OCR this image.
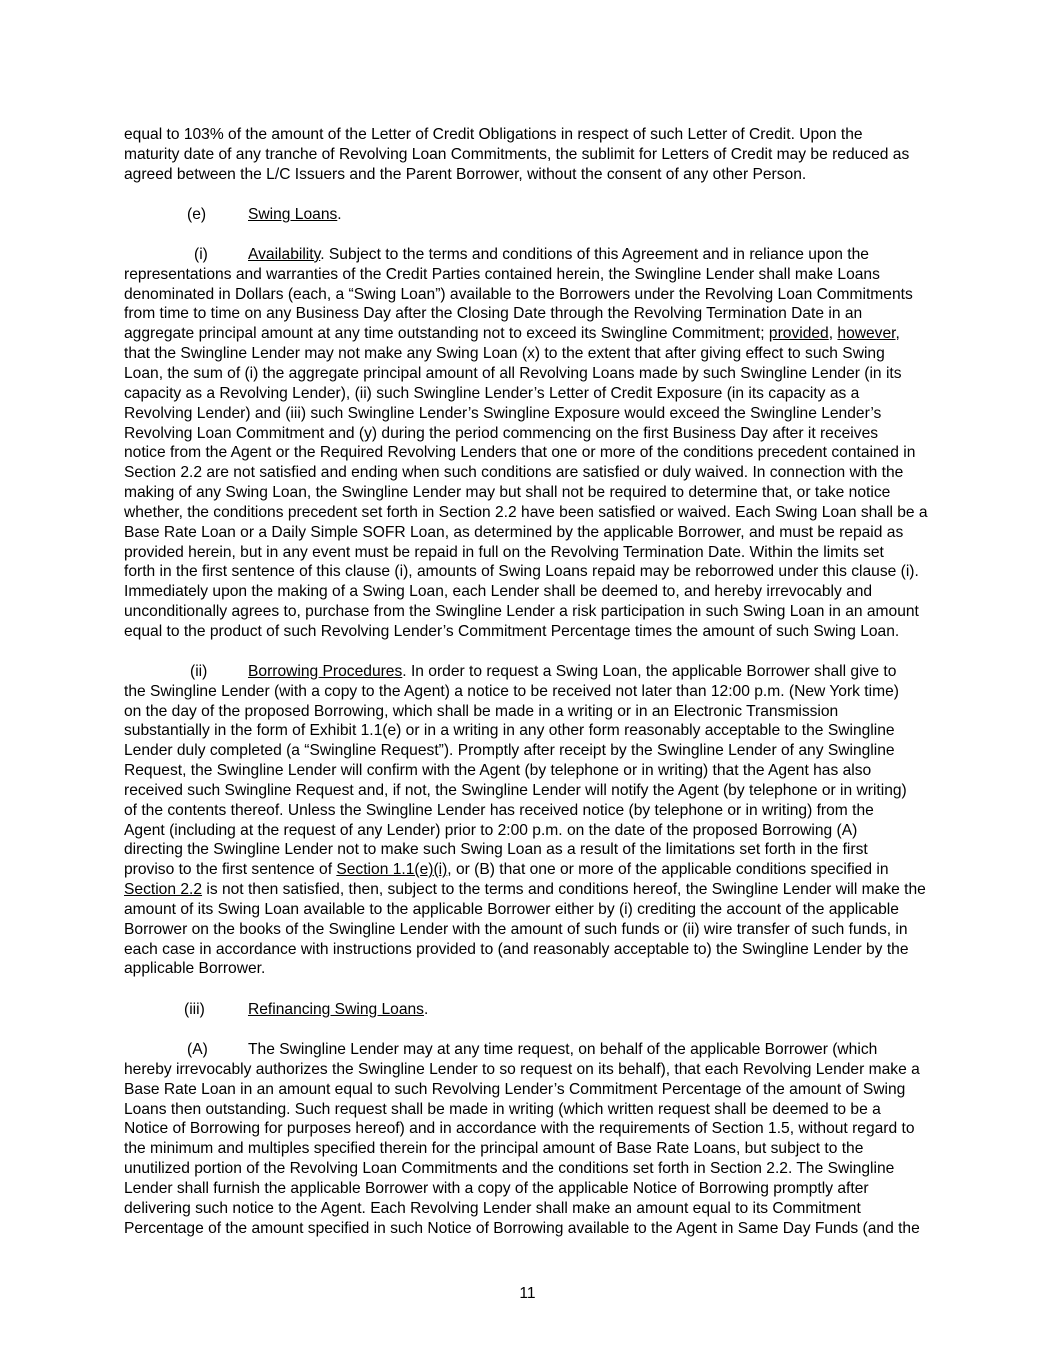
equal to 103% of the amount of the Letter of Credit Obligations in respect of such Letter of Credit. Upon the
maturity date of any tranche of Revolving Loan Commitments, the sublimit for Letters of Credit may be reduced as
agreed between the L/C Issuers and the Parent Borrower, without the consent of any other Person.
(e)	Swing Loans.
(i)	Availability. Subject to the terms and conditions of this Agreement and in reliance upon the
representations and warranties of the Credit Parties contained herein, the Swingline Lender shall make Loans
denominated in Dollars (each, a “Swing Loan”) available to the Borrowers under the Revolving Loan Commitments
from time to time on any Business Day after the Closing Date through the Revolving Termination Date in an
aggregate principal amount at any time outstanding not to exceed its Swingline Commitment; provided, however,
that the Swingline Lender may not make any Swing Loan (x) to the extent that after giving effect to such Swing
Loan, the sum of (i) the aggregate principal amount of all Revolving Loans made by such Swingline Lender (in its
capacity as a Revolving Lender), (ii) such Swingline Lender’s Letter of Credit Exposure (in its capacity as a
Revolving Lender) and (iii) such Swingline Lender’s Swingline Exposure would exceed the Swingline Lender’s
Revolving Loan Commitment and (y) during the period commencing on the first Business Day after it receives
notice from the Agent or the Required Revolving Lenders that one or more of the conditions precedent contained in
Section 2.2 are not satisfied and ending when such conditions are satisfied or duly waived. In connection with the
making of any Swing Loan, the Swingline Lender may but shall not be required to determine that, or take notice
whether, the conditions precedent set forth in Section 2.2 have been satisfied or waived. Each Swing Loan shall be a
Base Rate Loan or a Daily Simple SOFR Loan, as determined by the applicable Borrower, and must be repaid as
provided herein, but in any event must be repaid in full on the Revolving Termination Date. Within the limits set
forth in the first sentence of this clause (i), amounts of Swing Loans repaid may be reborrowed under this clause (i).
Immediately upon the making of a Swing Loan, each Lender shall be deemed to, and hereby irrevocably and
unconditionally agrees to, purchase from the Swingline Lender a risk participation in such Swing Loan in an amount
equal to the product of such Revolving Lender’s Commitment Percentage times the amount of such Swing Loan.
(ii)	Borrowing Procedures. In order to request a Swing Loan, the applicable Borrower shall give to
the Swingline Lender (with a copy to the Agent) a notice to be received not later than 12:00 p.m. (New York time)
on the day of the proposed Borrowing, which shall be made in a writing or in an Electronic Transmission
substantially in the form of Exhibit 1.1(e) or in a writing in any other form reasonably acceptable to the Swingline
Lender duly completed (a “Swingline Request”). Promptly after receipt by the Swingline Lender of any Swingline
Request, the Swingline Lender will confirm with the Agent (by telephone or in writing) that the Agent has also
received such Swingline Request and, if not, the Swingline Lender will notify the Agent (by telephone or in writing)
of the contents thereof. Unless the Swingline Lender has received notice (by telephone or in writing) from the
Agent (including at the request of any Lender) prior to 2:00 p.m. on the date of the proposed Borrowing (A)
directing the Swingline Lender not to make such Swing Loan as a result of the limitations set forth in the first
proviso to the first sentence of Section 1.1(e)(i), or (B) that one or more of the applicable conditions specified in
Section 2.2 is not then satisfied, then, subject to the terms and conditions hereof, the Swingline Lender will make the
amount of its Swing Loan available to the applicable Borrower either by (i) crediting the account of the applicable
Borrower on the books of the Swingline Lender with the amount of such funds or (ii) wire transfer of such funds, in
each case in accordance with instructions provided to (and reasonably acceptable to) the Swingline Lender by the
applicable Borrower.
(iii)	Refinancing Swing Loans.
(A)	The Swingline Lender may at any time request, on behalf of the applicable Borrower (which
hereby irrevocably authorizes the Swingline Lender to so request on its behalf), that each Revolving Lender make a
Base Rate Loan in an amount equal to such Revolving Lender’s Commitment Percentage of the amount of Swing
Loans then outstanding. Such request shall be made in writing (which written request shall be deemed to be a
Notice of Borrowing for purposes hereof) and in accordance with the requirements of Section 1.5, without regard to
the minimum and multiples specified therein for the principal amount of Base Rate Loans, but subject to the
unutilized portion of the Revolving Loan Commitments and the conditions set forth in Section 2.2. The Swingline
Lender shall furnish the applicable Borrower with a copy of the applicable Notice of Borrowing promptly after
delivering such notice to the Agent. Each Revolving Lender shall make an amount equal to its Commitment
Percentage of the amount specified in such Notice of Borrowing available to the Agent in Same Day Funds (and the
11
